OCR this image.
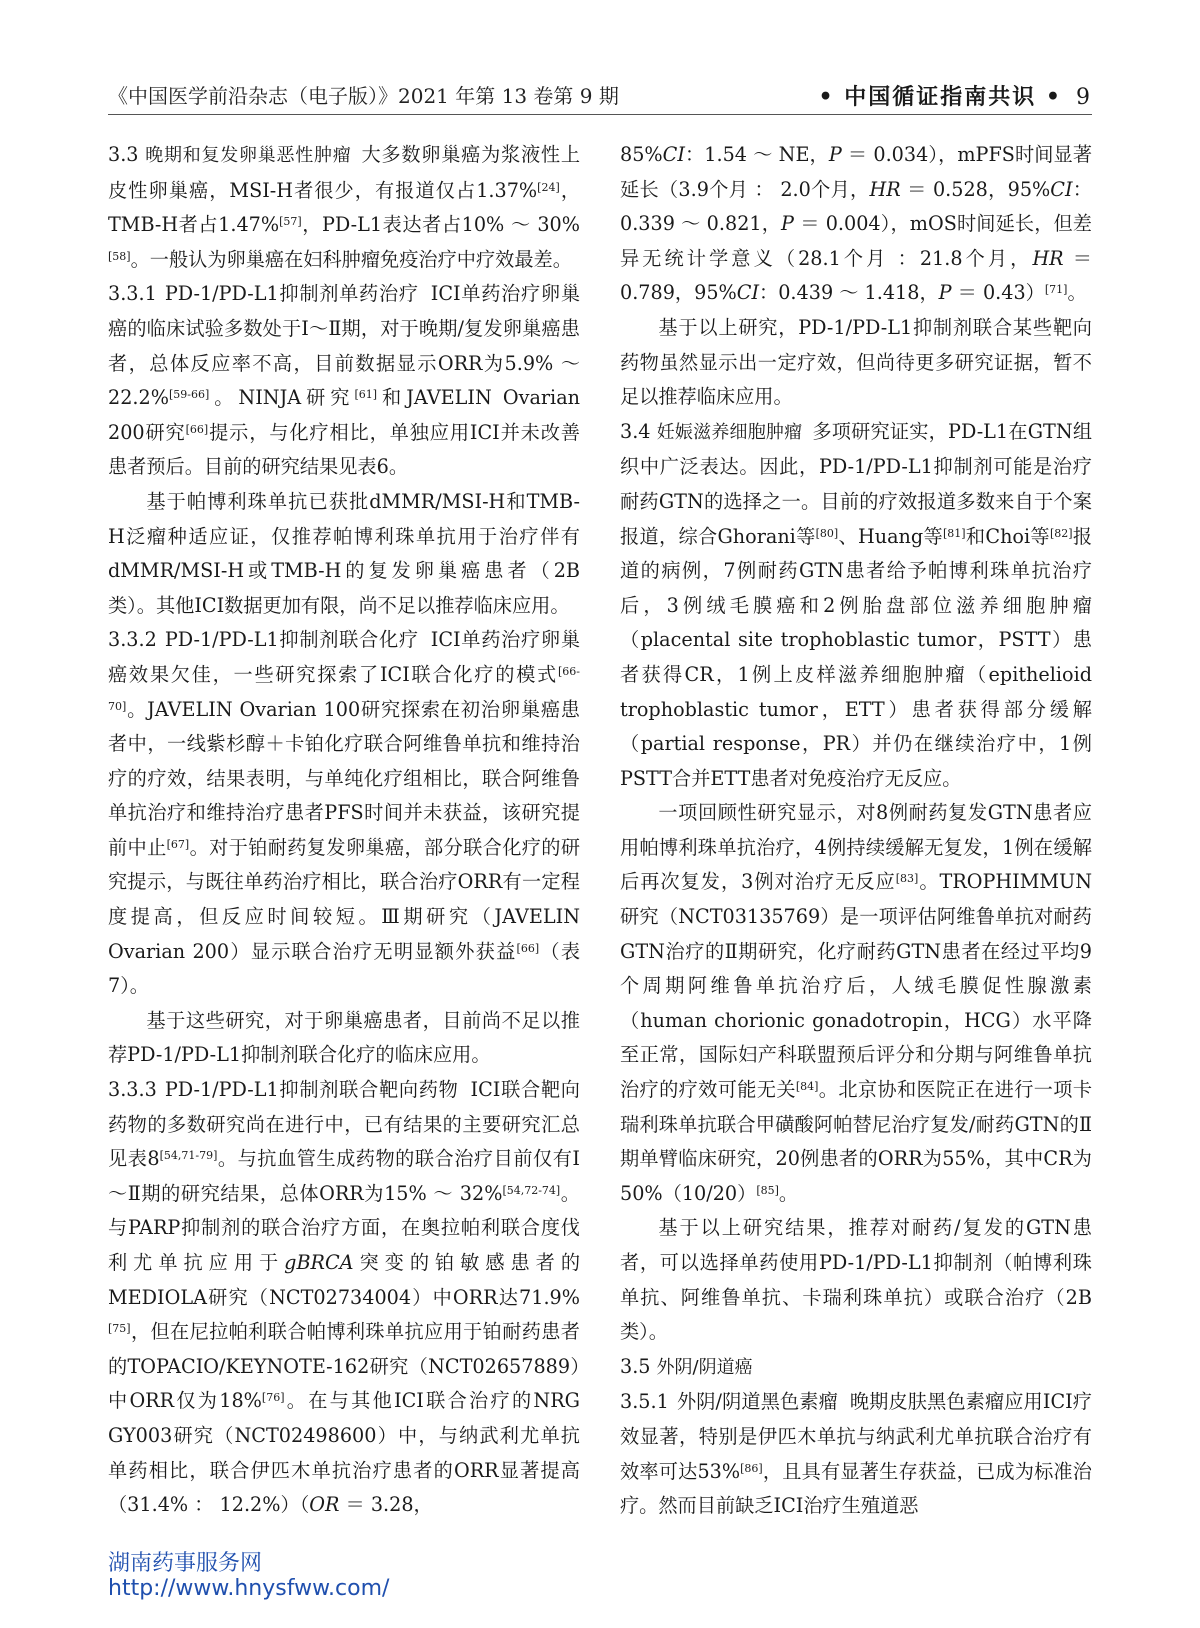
《中国医学前沿杂志（电子版）》2021 年第 13 卷第 9 期	• 中国循证指南共识 • 9

3.3 晚期和复发卵巢恶性肿瘤 大多数卵巢癌为浆液性上皮性卵巢癌，MSI-H者很少，有报道仅占1.37%[24]，TMB-H者占1.47%[57]，PD-L1表达者占10% ～ 30%[58]。一般认为卵巢癌在妇科肿瘤免疫治疗中疗效最差。

3.3.1 PD-1/PD-L1抑制剂单药治疗 ICI单药治疗卵巢癌的临床试验多数处于Ⅰ～Ⅱ期，对于晚期/复发卵巢癌患者，总体反应率不高，目前数据显示ORR为5.9% ～ 22.2%[59-66]。NINJA研究[61]和JAVELIN Ovarian 200研究[66]提示，与化疗相比，单独应用ICI并未改善患者预后。目前的研究结果见表6。

基于帕博利珠单抗已获批dMMR/MSI-H和TMB-H泛瘤种适应证，仅推荐帕博利珠单抗用于治疗伴有dMMR/MSI-H或TMB-H的复发卵巢癌患者（2B类）。其他ICI数据更加有限，尚不足以推荐临床应用。

3.3.2 PD-1/PD-L1抑制剂联合化疗 ICI单药治疗卵巢癌效果欠佳，一些研究探索了ICI联合化疗的模式[66-70]。JAVELIN Ovarian 100研究探索在初治卵巢癌患者中，一线紫杉醇＋卡铂化疗联合阿维鲁单抗和维持治疗的疗效，结果表明，与单纯化疗组相比，联合阿维鲁单抗治疗和维持治疗患者PFS时间并未获益，该研究提前中止[67]。对于铂耐药复发卵巢癌，部分联合化疗的研究提示，与既往单药治疗相比，联合治疗ORR有一定程度提高，但反应时间较短。Ⅲ期研究（JAVELIN Ovarian 200）显示联合治疗无明显额外获益[66]（表7）。

基于这些研究，对于卵巢癌患者，目前尚不足以推荐PD-1/PD-L1抑制剂联合化疗的临床应用。

3.3.3 PD-1/PD-L1抑制剂联合靶向药物 ICI联合靶向药物的多数研究尚在进行中，已有结果的主要研究汇总见表8[54,71-79]。与抗血管生成药物的联合治疗目前仅有Ⅰ～Ⅱ期的研究结果，总体ORR为15% ～ 32%[54,72-74]。与PARP抑制剂的联合治疗方面，在奥拉帕利联合度伐利尤单抗应用于gBRCA突变的铂敏感患者的MEDIOLA研究（NCT02734004）中ORR达71.9%[75]，但在尼拉帕利联合帕博利珠单抗应用于铂耐药患者的TOPACIO/KEYNOTE-162研究（NCT02657889）中ORR仅为18%[76]。在与其他ICI联合治疗的NRG GY003研究（NCT02498600）中，与纳武利尤单抗单药相比，联合伊匹木单抗治疗患者的ORR显著提高（31.4% ： 12.2%）（OR ＝ 3.28，

85%CI：1.54 ～ NE，P ＝ 0.034），mPFS时间显著延长（3.9个月 ： 2.0个月，HR ＝ 0.528，95%CI：0.339 ～ 0.821，P ＝ 0.004），mOS时间延长，但差异无统计学意义（28.1个月 ：21.8个月，HR ＝ 0.789，95%CI：0.439 ～ 1.418，P ＝ 0.43）[71]。

基于以上研究，PD-1/PD-L1抑制剂联合某些靶向药物虽然显示出一定疗效，但尚待更多研究证据，暂不足以推荐临床应用。

3.4 妊娠滋养细胞肿瘤 多项研究证实，PD-L1在GTN组织中广泛表达。因此，PD-1/PD-L1抑制剂可能是治疗耐药GTN的选择之一。目前的疗效报道多数来自于个案报道，综合Ghorani等[80]、Huang等[81]和Choi等[82]报道的病例，7例耐药GTN患者给予帕博利珠单抗治疗后，3例绒毛膜癌和2例胎盘部位滋养细胞肿瘤（placental site trophoblastic tumor，PSTT）患者获得CR，1例上皮样滋养细胞肿瘤（epithelioid trophoblastic tumor，ETT）患者获得部分缓解（partial response，PR）并仍在继续治疗中，1例PSTT合并ETT患者对免疫治疗无反应。

一项回顾性研究显示，对8例耐药复发GTN患者应用帕博利珠单抗治疗，4例持续缓解无复发，1例在缓解后再次复发，3例对治疗无反应[83]。TROPHIMMUN研究（NCT03135769）是一项评估阿维鲁单抗对耐药GTN治疗的Ⅱ期研究，化疗耐药GTN患者在经过平均9个周期阿维鲁单抗治疗后，人绒毛膜促性腺激素（human chorionic gonadotropin，HCG）水平降至正常，国际妇产科联盟预后评分和分期与阿维鲁单抗治疗的疗效可能无关[84]。北京协和医院正在进行一项卡瑞利珠单抗联合甲磺酸阿帕替尼治疗复发/耐药GTN的Ⅱ期单臂临床研究，20例患者的ORR为55%，其中CR为50%（10/20）[85]。

基于以上研究结果，推荐对耐药/复发的GTN患者，可以选择单药使用PD-1/PD-L1抑制剂（帕博利珠单抗、阿维鲁单抗、卡瑞利珠单抗）或联合治疗（2B类）。

3.5 外阴/阴道癌

3.5.1 外阴/阴道黑色素瘤 晚期皮肤黑色素瘤应用ICI疗效显著，特别是伊匹木单抗与纳武利尤单抗联合治疗有效率可达53%[86]，且具有显著生存获益，已成为标准治疗。然而目前缺乏ICI治疗生殖道恶

湖南药事服务网
http://www.hnysfww.com/
